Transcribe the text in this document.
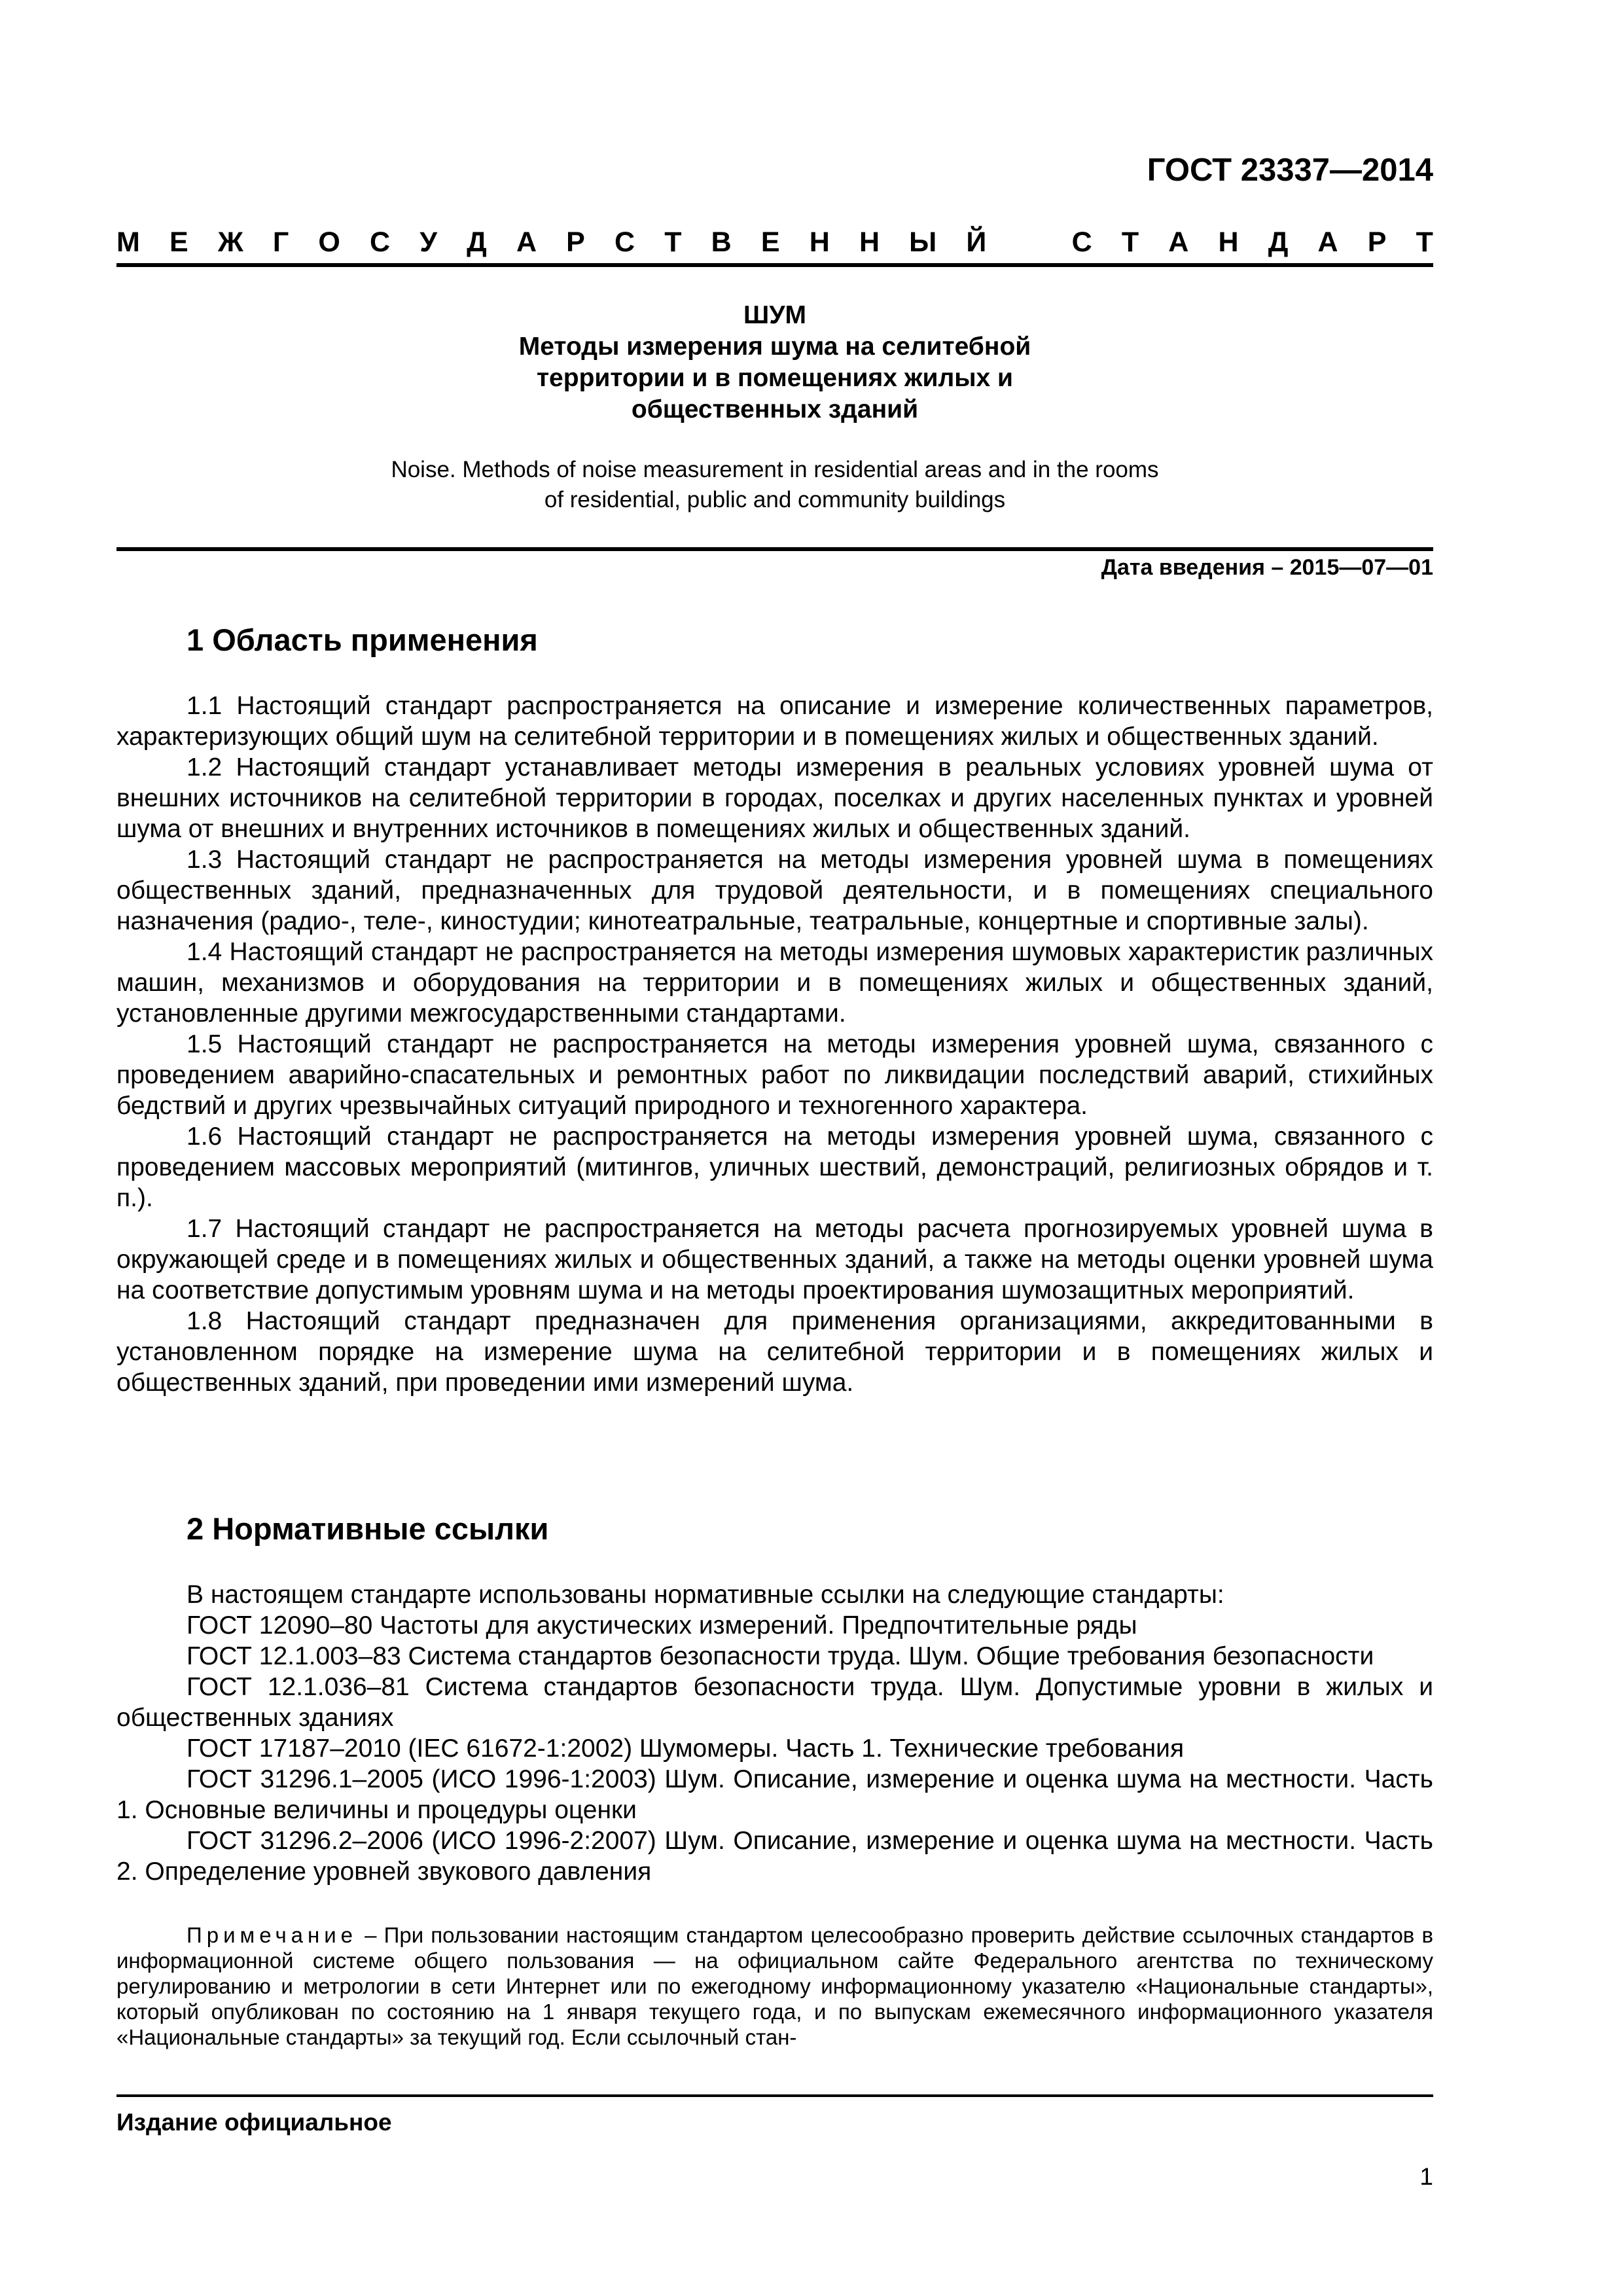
ГОСТ 23337—2014
М Е Ж Г О С У Д А Р С Т В Е Н Н Ы Й	С Т А Н Д А Р Т
ШУМ
Методы измерения шума на селитебной
территории и в помещениях жилых и
общественных зданий
Noise. Methods of noise measurement in residential areas and in the rooms
of residential, public and community buildings
Дата введения – 2015—07—01
1 Область применения

1.1 Настоящий стандарт распространяется на описание и измерение количественных параметров, характеризующих общий шум на селитебной территории и в помещениях жилых и общественных зданий.

1.2 Настоящий стандарт устанавливает методы измерения в реальных условиях уровней шума от внешних источников на селитебной территории в городах, поселках и других населенных пунктах и уровней шума от внешних и внутренних источников в помещениях жилых и общественных зданий.

1.3 Настоящий стандарт не распространяется на методы измерения уровней шума в помещениях общественных зданий, предназначенных для трудовой деятельности, и в помещениях специального назначения (радио-, теле-, киностудии; кинотеатральные, театральные, концертные и спортивные залы).

1.4 Настоящий стандарт не распространяется на методы измерения шумовых характеристик различных машин, механизмов и оборудования на территории и в помещениях жилых и общественных зданий, установленные другими межгосударственными стандартами.

1.5 Настоящий стандарт не распространяется на методы измерения уровней шума, связанного с проведением аварийно-спасательных и ремонтных работ по ликвидации последствий аварий, стихийных бедствий и других чрезвычайных ситуаций природного и техногенного характера.

1.6 Настоящий стандарт не распространяется на методы измерения уровней шума, связанного с проведением массовых мероприятий (митингов, уличных шествий, демонстраций, религиозных обрядов и т. п.).

1.7 Настоящий стандарт не распространяется на методы расчета прогнозируемых уровней шума в окружающей среде и в помещениях жилых и общественных зданий, а также на методы оценки уровней шума на соответствие допустимым уровням шума и на методы проектирования шумозащитных мероприятий.

1.8 Настоящий стандарт предназначен для применения организациями, аккредитованными в установленном порядке на измерение шума на селитебной территории и в помещениях жилых и общественных зданий, при проведении ими измерений шума.

2 Нормативные ссылки

В настоящем стандарте использованы нормативные ссылки на следующие стандарты:

ГОСТ 12090–80 Частоты для акустических измерений. Предпочтительные ряды

ГОСТ 12.1.003–83 Система стандартов безопасности труда. Шум. Общие требования безопасности

ГОСТ 12.1.036–81 Система стандартов безопасности труда. Шум. Допустимые уровни в жилых и общественных зданиях

ГОСТ 17187–2010 (IEC 61672-1:2002) Шумомеры. Часть 1. Технические требования

ГОСТ 31296.1–2005 (ИСО 1996-1:2003) Шум. Описание, измерение и оценка шума на местности. Часть 1. Основные величины и процедуры оценки

ГОСТ 31296.2–2006 (ИСО 1996-2:2007) Шум. Описание, измерение и оценка шума на местности. Часть 2. Определение уровней звукового давления

Примечание – При пользовании настоящим стандартом целесообразно проверить действие ссылочных стандартов в информационной системе общего пользования — на официальном сайте Федерального агентства по техническому регулированию и метрологии в сети Интернет или по ежегодному информационному указателю «Национальные стандарты», который опубликован по состоянию на 1 января текущего года, и по выпускам ежемесячного информационного указателя «Национальные стандарты» за текущий год. Если ссылочный стан-

Издание официальное
1
